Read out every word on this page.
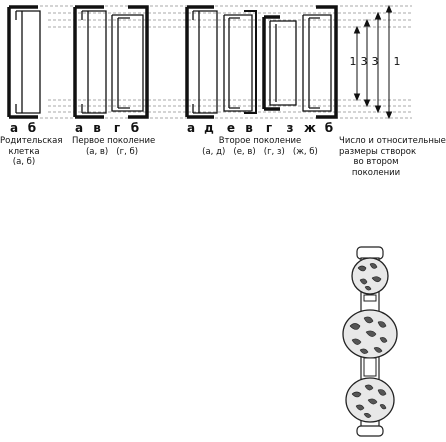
а б
Родительская
клетка
(а, б)
а в	г б
Первое поколение
(а, в)   (г, б)
а д е в	г	з ж б
Второе поколение
(а, д)   (е, в)   (г, з)   (ж, б)
1 3 3 1
Число и относительные
размеры створок
во втором
поколении
